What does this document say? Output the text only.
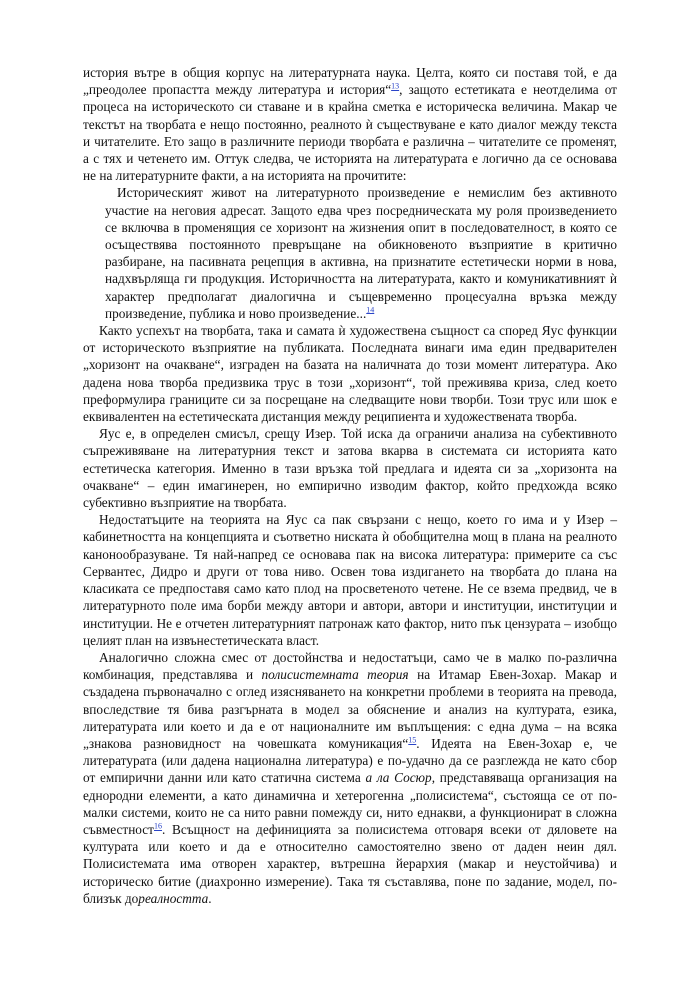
история вътре в общия корпус на литературната наука. Целта, която си поставя той, е да „преодолее пропастта между литература и история“$^{13}$, защото естетиката е неотделима от процеса на историческото си ставане и в крайна сметка е историческа величина. Макар че текстът на творбата е нещо постоянно, реалното ѝ съществуване е като диалог между текста и читателите. Ето защо в различните периоди творбата е различна – читателите се променят, а с тях и четенето им. Оттук следва, че историята на литературата е логично да се основава не на литературните факти, а на историята на прочитите:

Историческият живот на литературното произведение е немислим без активното участие на неговия адресат. Защото едва чрез посредническата му роля произведението се включва в променящия се хоризонт на жизнения опит в последователност, в която се осъществява постоянното превръщане на обикновеното възприятие в критично разбиране, на пасивната рецепция в активна, на признатите естетически норми в нова, надхвърляща ги продукция. Историчността на литературата, както и комуникативният ѝ характер предполагат диалогична и същевременно процесуална връзка между произведение, публика и ново произведение...$^{14}$

Както успехът на творбата, така и самата ѝ художествена същност са според Яус функции от историческото възприятие на публиката. Последната винаги има един предварителен „хоризонт на очакване“, изграден на базата на наличната до този момент литература. Ако дадена нова творба предизвика трус в този „хоризонт“, той преживява криза, след което преформулира границите си за посрещане на следващите нови творби. Този трус или шок е еквивалентен на естетическата дистанция между реципиента и художествената творба.

Яус е, в определен смисъл, срещу Изер. Той иска да ограничи анализа на субективното съпреживяване на литературния текст и затова вкарва в системата си историята като естетическа категория. Именно в тази връзка той предлага и идеята си за „хоризонта на очакване“ – един имагинерен, но емпирично изводим фактор, който предхожда всяко субективно възприятие на творбата.

Недостатъците на теорията на Яус са пак свързани с нещо, което го има и у Изер – кабинетността на концепцията и съответно ниската ѝ обобщителна мощ в плана на реалното канонообразуване. Тя най-напред се основава пак на висока литература: примерите са със Сервантес, Дидро и други от това ниво. Освен това издигането на творбата до плана на класиката се предпоставя само като плод на просветеното четене. Не се взема предвид, че в литературното поле има борби между автори и автори, автори и институции, институции и институции. Не е отчетен литературният патронаж като фактор, нито пък цензурата – изобщо целият план на извънестетическата власт.

Аналогично сложна смес от достойнства и недостатъци, само че в малко по-различна комбинация, представлява и полисистемната теория на Итамар Евен-Зохар. Макар и създадена първоначално с оглед изясняването на конкретни проблеми в теорията на превода, впоследствие тя бива разгърната в модел за обяснение и анализ на културата, езика, литературата или което и да е от националните им въплъщения: с една дума – на всяка „знакова разновидност на човешката комуникация“$^{15}$. Идеята на Евен-Зохар е, че литературата (или дадена национална литература) е по-удачно да се разглежда не като сбор от емпирични данни или като статична система а ла Сосюр, представяваща организация на еднородни елементи, а като динамична и хетерогенна „полисистема“, състояща се от по-малки системи, които не са нито равни помежду си, нито еднакви, а функционират в сложна съвместност$^{16}$. Всъщност на дефиницията за полисистема отговаря всеки от дяловете на културата или което и да е относително самостоятелно звено от даден неин дял. Полисистемата има отворен характер, вътрешна йерархия (макар и неустойчива) и историческо битие (диахронно измерение). Така тя съставлява, поне по задание, модел, по-близък дореалността.
